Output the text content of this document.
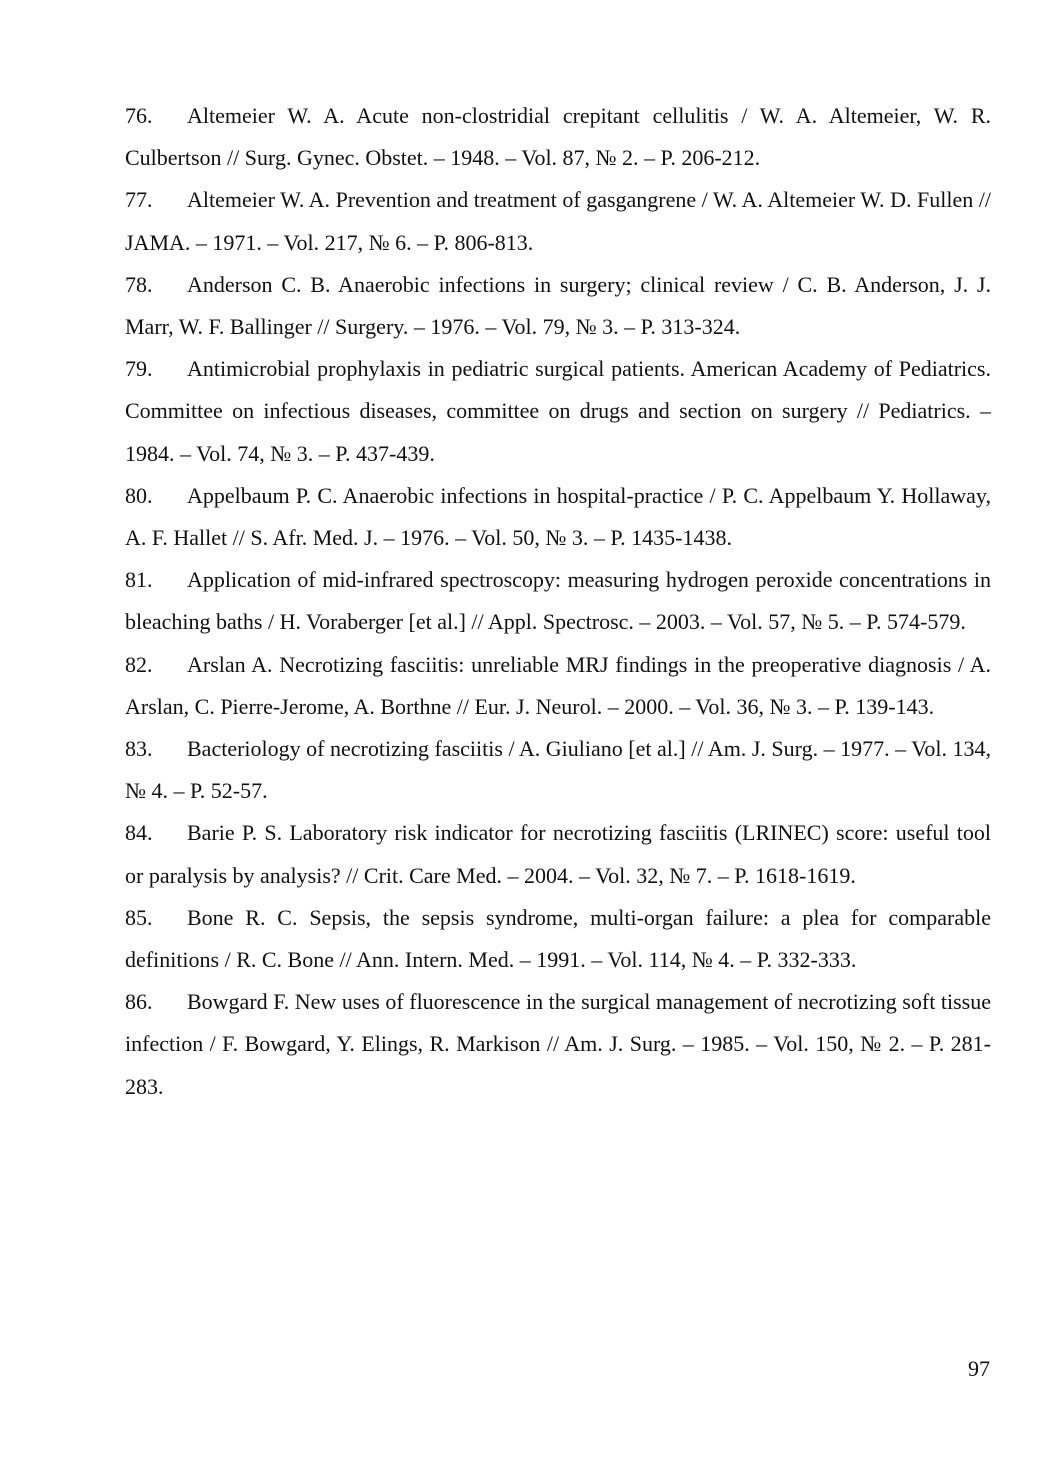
76. Altemeier W. A. Acute non-clostridial crepitant cellulitis / W. A. Altemeier, W. R. Culbertson // Surg. Gynec. Obstet. – 1948. – Vol. 87, № 2. – P. 206-212.
77. Altemeier W. A. Prevention and treatment of gasgangrene / W. A. Altemeier W. D. Fullen // JAMA. – 1971. – Vol. 217, № 6. – P. 806-813.
78. Anderson C. B. Anaerobic infections in surgery; clinical review / C. B. Anderson, J. J. Marr, W. F. Ballinger // Surgery. – 1976. – Vol. 79, № 3. – P. 313-324.
79. Antimicrobial prophylaxis in pediatric surgical patients. American Academy of Pediatrics. Committee on infectious diseases, committee on drugs and section on surgery // Pediatrics. – 1984. – Vol. 74, № 3. – P. 437-439.
80. Appelbaum P. C. Anaerobic infections in hospital-practice / P. C. Appelbaum Y. Hollaway, A. F. Hallet // S. Afr. Med. J. – 1976. – Vol. 50, № 3. – P. 1435-1438.
81. Application of mid-infrared spectroscopy: measuring hydrogen peroxide concentrations in bleaching baths / H. Voraberger [et al.] // Appl. Spectrosc. – 2003. – Vol. 57, № 5. – P. 574-579.
82. Arslan A. Necrotizing fasciitis: unreliable MRJ findings in the preoperative diagnosis / A. Arslan, C. Pierre-Jerome, A. Borthne // Eur. J. Neurol. – 2000. – Vol. 36, № 3. – P. 139-143.
83. Bacteriology of necrotizing fasciitis / A. Giuliano [et al.] // Am. J. Surg. – 1977. – Vol. 134, № 4. – P. 52-57.
84. Barie P. S. Laboratory risk indicator for necrotizing fasciitis (LRINEC) score: useful tool or paralysis by analysis? // Crit. Care Med. – 2004. – Vol. 32, № 7. – P. 1618-1619.
85. Bone R. C. Sepsis, the sepsis syndrome, multi-organ failure: a plea for comparable definitions / R. C. Bone // Ann. Intern. Med. – 1991. – Vol. 114, № 4. – P. 332-333.
86. Bowgard F. New uses of fluorescence in the surgical management of necrotizing soft tissue infection / F. Bowgard, Y. Elings, R. Markison // Am. J. Surg. – 1985. – Vol. 150, № 2. – P. 281-283.
97
